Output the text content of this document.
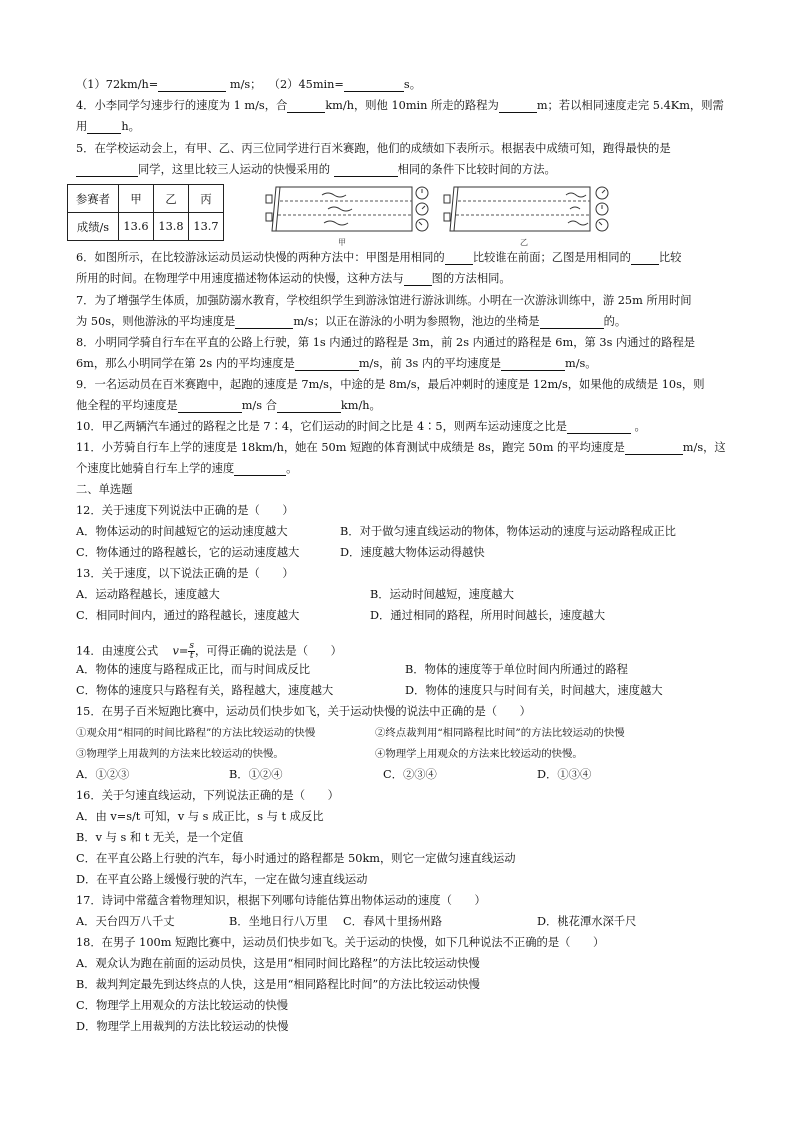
（1）72km/h=	m/s； （2）45min=	s。
4．小李同学匀速步行的速度为 1 m/s，合	km/h，则他 10min 所走的路程为	m；若以相同速度走完 5.4Km，则需
用	h。
5．在学校运动会上，有甲、乙、丙三位同学进行百米赛跑，他们的成绩如下表所示。根据表中成绩可知，跑得最快的是
同学，这里比较三人运动的快慢采用的	相同的条件下比较时间的方法。
参赛者	甲	乙	丙
成绩/s	13.6	13.8	13.7
甲	乙
6．如图所示，在比较游泳运动员运动快慢的两种方法中：甲图是用相同的 比较谁在前面；乙图是用相同的 比较
所用的时间。在物理学中用速度描述物体运动的快慢，这种方法与 图的方法相同。
7．为了增强学生体质，加强防溺水教育，学校组织学生到游泳馆进行游泳训练。小明在一次游泳训练中，游 25m 所用时间
为 50s，则他游泳的平均速度是	m/s；以正在游泳的小明为参照物，池边的坐椅是	的。
8．小明同学骑自行车在平直的公路上行驶，第 1s 内通过的路程是 3m，前 2s 内通过的路程是 6m，第 3s 内通过的路程是
6m，那么小明同学在第 2s 内的平均速度是	m/s，前 3s 内的平均速度是	m/s。
9．一名运动员在百米赛跑中，起跑的速度是 7m/s，中途的是 8m/s，最后冲刺时的速度是 12m/s，如果他的成绩是 10s，则
他全程的平均速度是	m/s 合	km/h。
10．甲乙两辆汽车通过的路程之比是 7∶4，它们运动的时间之比是 4∶5，则两车运动速度之比是	。
11．小芳骑自行车上学的速度是 18km/h，她在 50m 短跑的体育测试中成绩是 8s，跑完 50m 的平均速度是	m/s，这
个速度比她骑自行车上学的速度	。
二、单选题
12．关于速度下列说法中正确的是（　　）
A．物体运动的时间越短它的运动速度越大	B．对于做匀速直线运动的物体，物体运动的速度与运动路程成正比
C．物体通过的路程越长，它的运动速度越大	D．速度越大物体运动得越快
13．关于速度，以下说法正确的是（　　）
A．运动路程越长，速度越大	B．运动时间越短，速度越大
C．相同时间内，通过的路程越长，速度越大	D．通过相同的路程，所用时间越长，速度越大
14．由速度公式 $v= \frac{s}{t}$ ，可得正确的说法是（　　）
A．物体的速度与路程成正比，而与时间成反比	B．物体的速度等于单位时间内所通过的路程
C．物体的速度只与路程有关，路程越大，速度越大	D．物体的速度只与时间有关，时间越大，速度越大
15．在男子百米短跑比赛中，运动员们快步如飞，关于运动快慢的说法中正确的是（　　）
①观众用“相同的时间比路程”的方法比较运动的快慢	②终点裁判用“相同路程比时间”的方法比较运动的快慢
③物理学上用裁判的方法来比较运动的快慢。	④物理学上用观众的方法来比较运动的快慢。
A．①②③	B．①②④	C．②③④	D．①③④
16．关于匀速直线运动，下列说法正确的是（　　）
A．由 v=s/t 可知，v 与 s 成正比，s 与 t 成反比
B．v 与 s 和 t 无关，是一个定值
C．在平直公路上行驶的汽车，每小时通过的路程都是 50km，则它一定做匀速直线运动
D．在平直公路上缓慢行驶的汽车，一定在做匀速直线运动
17．诗词中常蕴含着物理知识，根据下列哪句诗能估算出物体运动的速度（　　）
A．天台四万八千丈	B．坐地日行八万里 C．春风十里扬州路	D．桃花潭水深千尺
18．在男子 100m 短跑比赛中，运动员们快步如飞。关于运动的快慢，如下几种说法不正确的是（　　）
A．观众认为跑在前面的运动员快，这是用“相同时间比路程”的方法比较运动快慢
B．裁判判定最先到达终点的人快，这是用“相同路程比时间”的方法比较运动快慢
C．物理学上用观众的方法比较运动的快慢
D．物理学上用裁判的方法比较运动的快慢
